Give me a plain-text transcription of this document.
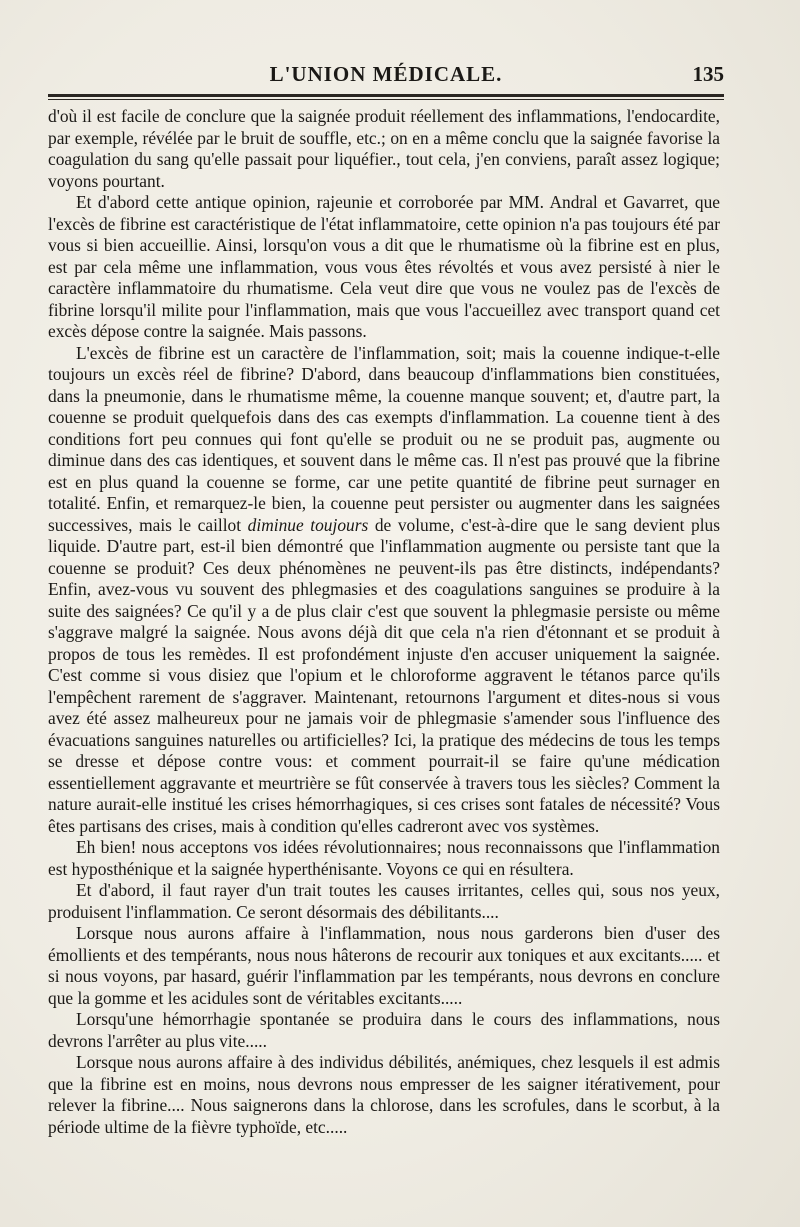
L'UNION MÉDICALE.	135

d'où il est facile de conclure que la saignée produit réellement des inflammations, l'endocardite, par exemple, révélée par le bruit de souffle, etc.; on en a même conclu que la saignée favorise la coagulation du sang qu'elle passait pour liquéfier., tout cela, j'en conviens, paraît assez logique; voyons pourtant.

Et d'abord cette antique opinion, rajeunie et corroborée par MM. Andral et Gavarret, que l'excès de fibrine est caractéristique de l'état inflammatoire, cette opinion n'a pas toujours été par vous si bien accueillie. Ainsi, lorsqu'on vous a dit que le rhumatisme où la fibrine est en plus, est par cela même une inflammation, vous vous êtes révoltés et vous avez persisté à nier le caractère inflammatoire du rhumatisme. Cela veut dire que vous ne voulez pas de l'excès de fibrine lorsqu'il milite pour l'inflammation, mais que vous l'accueillez avec transport quand cet excès dépose contre la saignée. Mais passons.

L'excès de fibrine est un caractère de l'inflammation, soit; mais la couenne indique-t-elle toujours un excès réel de fibrine? D'abord, dans beaucoup d'inflammations bien constituées, dans la pneumonie, dans le rhumatisme même, la couenne manque souvent; et, d'autre part, la couenne se produit quelquefois dans des cas exempts d'inflammation. La couenne tient à des conditions fort peu connues qui font qu'elle se produit ou ne se produit pas, augmente ou diminue dans des cas identiques, et souvent dans le même cas. Il n'est pas prouvé que la fibrine est en plus quand la couenne se forme, car une petite quantité de fibrine peut surnager en totalité. Enfin, et remarquez-le bien, la couenne peut persister ou augmenter dans les saignées successives, mais le caillot diminue toujours de volume, c'est-à-dire que le sang devient plus liquide. D'autre part, est-il bien démontré que l'inflammation augmente ou persiste tant que la couenne se produit? Ces deux phénomènes ne peuvent-ils pas être distincts, indépendants? Enfin, avez-vous vu souvent des phlegmasies et des coagulations sanguines se produire à la suite des saignées? Ce qu'il y a de plus clair c'est que souvent la phlegmasie persiste ou même s'aggrave malgré la saignée. Nous avons déjà dit que cela n'a rien d'étonnant et se produit à propos de tous les remèdes. Il est profondément injuste d'en accuser uniquement la saignée. C'est comme si vous disiez que l'opium et le chloroforme aggravent le tétanos parce qu'ils l'empêchent rarement de s'aggraver. Maintenant, retournons l'argument et dites-nous si vous avez été assez malheureux pour ne jamais voir de phlegmasie s'amender sous l'influence des évacuations sanguines naturelles ou artificielles? Ici, la pratique des médecins de tous les temps se dresse et dépose contre vous: et comment pourrait-il se faire qu'une médication essentiellement aggravante et meurtrière se fût conservée à travers tous les siècles? Comment la nature aurait-elle institué les crises hémorrhagiques, si ces crises sont fatales de nécessité? Vous êtes partisans des crises, mais à condition qu'elles cadreront avec vos systèmes.

Eh bien! nous acceptons vos idées révolutionnaires; nous reconnaissons que l'inflammation est hyposthénique et la saignée hyperthénisante. Voyons ce qui en résultera.

Et d'abord, il faut rayer d'un trait toutes les causes irritantes, celles qui, sous nos yeux, produisent l'inflammation. Ce seront désormais des débilitants....

Lorsque nous aurons affaire à l'inflammation, nous nous garderons bien d'user des émollients et des tempérants, nous nous hâterons de recourir aux toniques et aux excitants..... et si nous voyons, par hasard, guérir l'inflammation par les tempérants, nous devrons en conclure que la gomme et les acidules sont de véritables excitants.....

Lorsqu'une hémorrhagie spontanée se produira dans le cours des inflammations, nous devrons l'arrêter au plus vite.....

Lorsque nous aurons affaire à des individus débilités, anémiques, chez lesquels il est admis que la fibrine est en moins, nous devrons nous empresser de les saigner itérativement, pour relever la fibrine.... Nous saignerons dans la chlorose, dans les scrofules, dans le scorbut, à la période ultime de la fièvre typhoïde, etc.....
